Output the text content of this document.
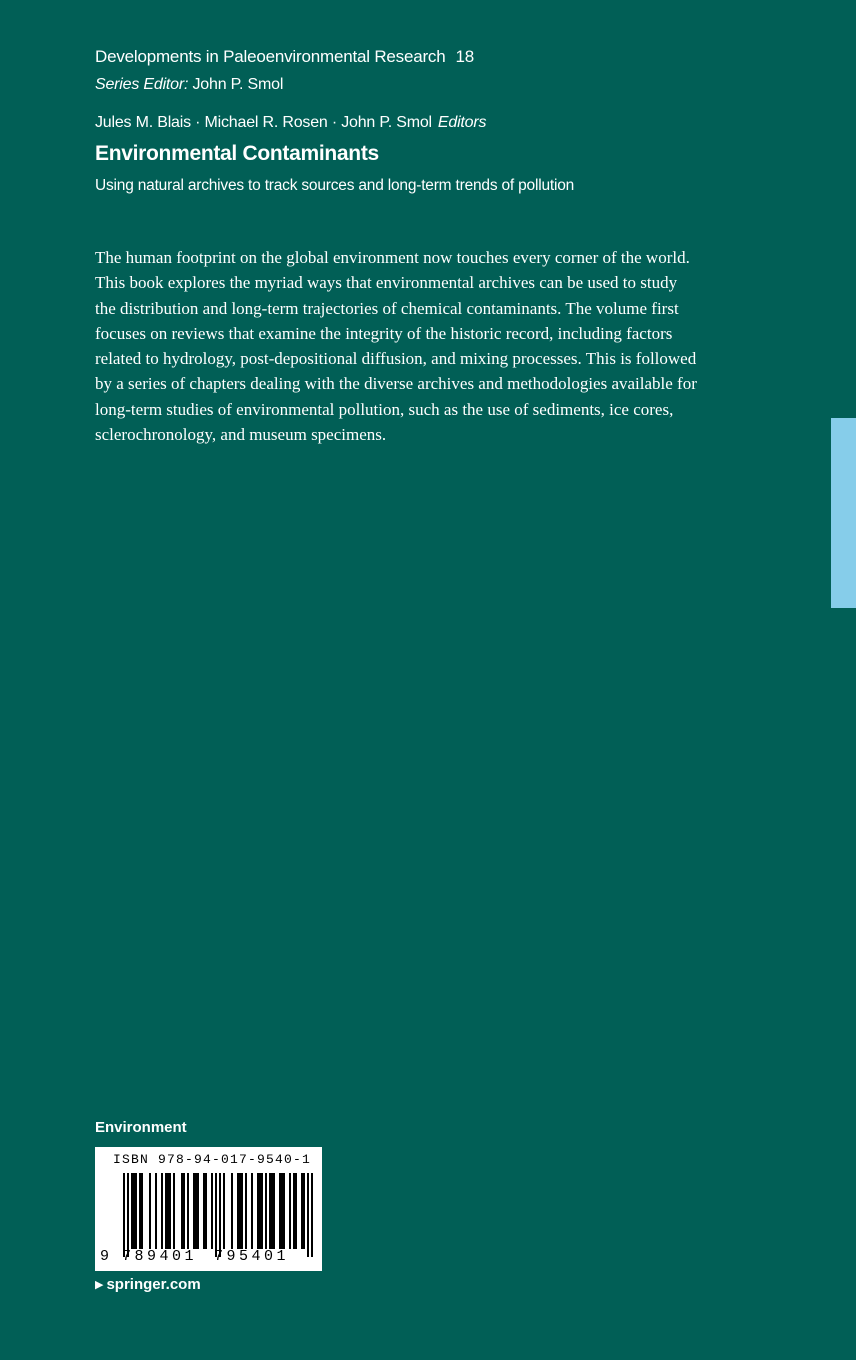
Developments in Paleoenvironmental Research 18
Series Editor: John P. Smol
Jules M. Blais · Michael R. Rosen · John P. Smol Editors
Environmental Contaminants
Using natural archives to track sources and long-term trends of pollution
The human footprint on the global environment now touches every corner of the world.
This book explores the myriad ways that environmental archives can be used to study
the distribution and long-term trajectories of chemical contaminants. The volume first
focuses on reviews that examine the integrity of the historic record, including factors
related to hydrology, post-depositional diffusion, and mixing processes. This is followed
by a series of chapters dealing with the diverse archives and methodologies available for
long-term studies of environmental pollution, such as the use of sediments, ice cores,
sclerochronology, and museum specimens.
Environment
ISBN 978-94-017-9540-1
9 789401 795401
▶ springer.com
